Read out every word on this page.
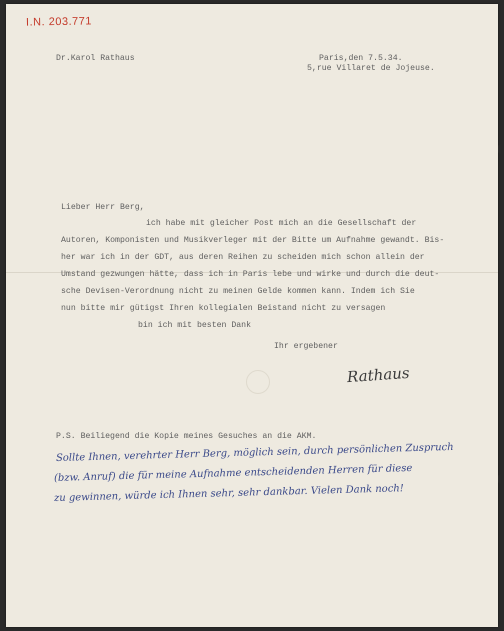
I.N. 203.771
Dr.Karol Rathaus	Paris,den 7.5.34.
5,rue Villaret de Jojeuse.
Lieber Herr Berg,
ich habe mit gleicher Post mich an die Gesellschaft der
Autoren, Komponisten und Musikverleger mit der Bitte um Aufnahme gewandt. Bis-
her war ich in der GDT, aus deren Reihen zu scheiden mich schon allein der
Umstand gezwungen hätte, dass ich in Paris lebe und wirke und durch die deut-
sche Devisen-Verordnung nicht zu meinen Gelde kommen kann. Indem ich Sie
nun bitte mir gütigst Ihren kollegialen Beistand nicht zu versagen
bin ich mit besten Dank
Ihr ergebener
Rathaus
P.S. Beiliegend die Kopie meines Gesuches an die AKM.
Sollte Ihnen, verehrter Herr Berg, möglich sein, durch persönlichen Zuspruch
(bzw. Anruf) die für meine Aufnahme entscheidenden Herren für diese
zu gewinnen, würde ich Ihnen sehr, sehr dankbar. Vielen Dank noch!
